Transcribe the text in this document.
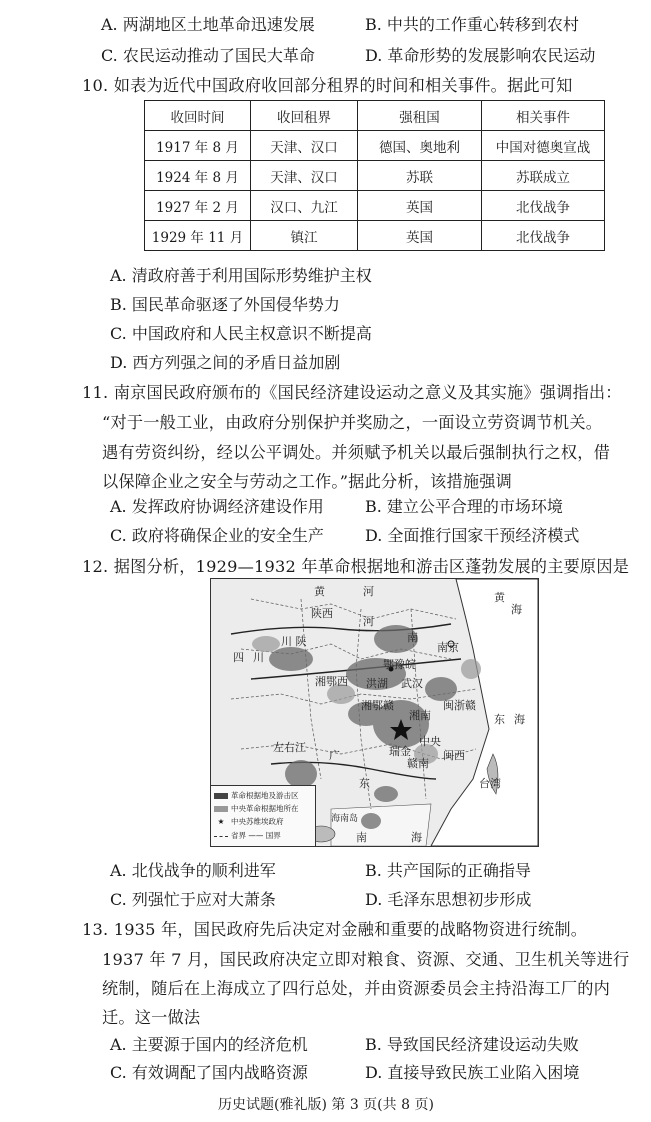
A. 两湖地区土地革命迅速发展	B. 中共的工作重心转移到农村
C. 农民运动推动了国民大革命	D. 革命形势的发展影响农民运动
10. 如表为近代中国政府收回部分租界的时间和相关事件。据此可知
收回时间	收回租界	强租国	相关事件
1917 年 8 月	天津、汉口	德国、奥地利	中国对德奥宣战
1924 年 8 月	天津、汉口	苏联	苏联成立
1927 年 2 月	汉口、九江	英国	北伐战争
1929 年 11 月	镇江	英国	北伐战争
A. 清政府善于利用国际形势维护主权
B. 国民革命驱逐了外国侵华势力
C. 中国政府和人民主权意识不断提高
D. 西方列强之间的矛盾日益加剧
11. 南京国民政府颁布的《国民经济建设运动之意义及其实施》强调指出：
“对于一般工业，由政府分别保护并奖励之，一面设立劳资调节机关。
遇有劳资纠纷，经以公平调处。并须赋予机关以最后强制执行之权，借
以保障企业之安全与劳动之工作。”据此分析，该措施强调
A. 发挥政府协调经济建设作用	B. 建立公平合理的市场环境
C. 政府将确保企业的安全生产	D. 全面推行国家干预经济模式
12. 据图分析，1929—1932 年革命根据地和游击区蓬勃发展的主要原因是
黄	河	黄
海
陕西
河
南
川 陕
四 川
鄂豫皖
南京
湘鄂西 洪湖 武汉
湘鄂赣	闽浙赣
湘南
中央
瑞金
赣南
闽西
东 海
左右江
广
东	台湾
南	海
海南岛
革命根据地及游击区
中央革命根据地所在
★ 中央苏维埃政府
省界 —— 国界
A. 北伐战争的顺利进军	B. 共产国际的正确指导
C. 列强忙于应对大萧条	D. 毛泽东思想初步形成
13. 1935 年，国民政府先后决定对金融和重要的战略物资进行统制。
1937 年 7 月，国民政府决定立即对粮食、资源、交通、卫生机关等进行
统制，随后在上海成立了四行总处，并由资源委员会主持沿海工厂的内
迁。这一做法
A. 主要源于国内的经济危机	B. 导致国民经济建设运动失败
C. 有效调配了国内战略资源	D. 直接导致民族工业陷入困境
历史试题(雅礼版) 第 3 页(共 8 页)
